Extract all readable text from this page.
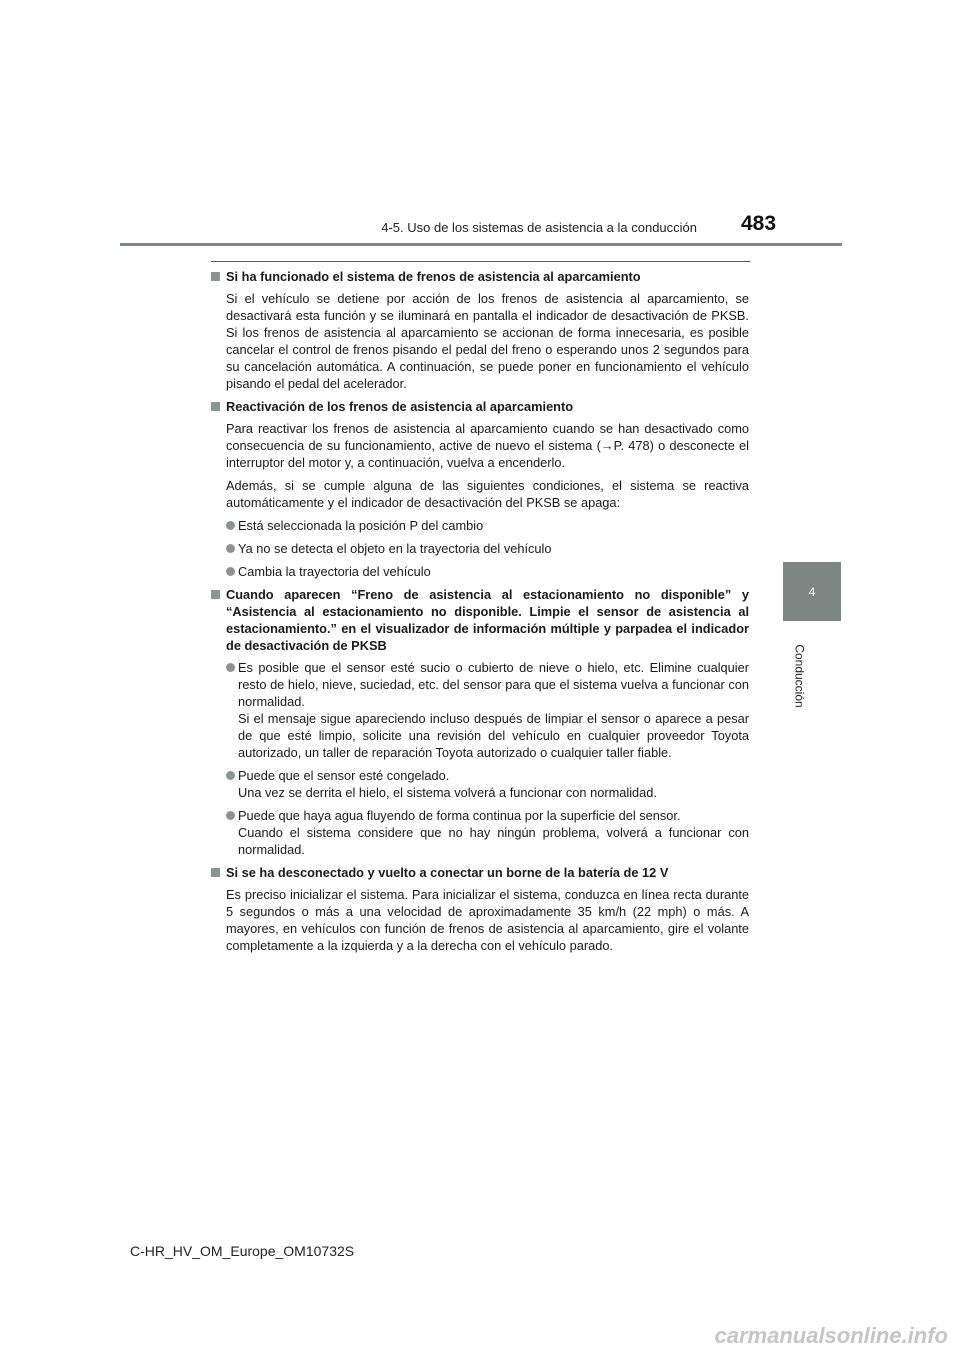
4-5. Uso de los sistemas de asistencia a la conducción 483
4
Conducción
Si ha funcionado el sistema de frenos de asistencia al aparcamiento
Si el vehículo se detiene por acción de los frenos de asistencia al aparcamiento, se desactivará esta función y se iluminará en pantalla el indicador de desactivación de PKSB. Si los frenos de asistencia al aparcamiento se accionan de forma innecesaria, es posible cancelar el control de frenos pisando el pedal del freno o esperando unos 2 segundos para su cancelación automática. A continuación, se puede poner en funcionamiento el vehículo pisando el pedal del acelerador.
Reactivación de los frenos de asistencia al aparcamiento
Para reactivar los frenos de asistencia al aparcamiento cuando se han desactivado como consecuencia de su funcionamiento, active de nuevo el sistema (→P. 478) o desconecte el interruptor del motor y, a continuación, vuelva a encenderlo.
Además, si se cumple alguna de las siguientes condiciones, el sistema se reactiva automáticamente y el indicador de desactivación del PKSB se apaga:
Está seleccionada la posición P del cambio
Ya no se detecta el objeto en la trayectoria del vehículo
Cambia la trayectoria del vehículo
Cuando aparecen “Freno de asistencia al estacionamiento no disponible” y “Asistencia al estacionamiento no disponible. Limpie el sensor de asistencia al estacionamiento.” en el visualizador de información múltiple y parpadea el indicador de desactivación de PKSB
Es posible que el sensor esté sucio o cubierto de nieve o hielo, etc. Elimine cualquier resto de hielo, nieve, suciedad, etc. del sensor para que el sistema vuelva a funcionar con normalidad.
Si el mensaje sigue apareciendo incluso después de limpiar el sensor o aparece a pesar de que esté limpio, solicite una revisión del vehículo en cualquier proveedor Toyota autorizado, un taller de reparación Toyota autorizado o cualquier taller fiable.
Puede que el sensor esté congelado.
Una vez se derrita el hielo, el sistema volverá a funcionar con normalidad.
Puede que haya agua fluyendo de forma continua por la superficie del sensor.
Cuando el sistema considere que no hay ningún problema, volverá a funcionar con normalidad.
Si se ha desconectado y vuelto a conectar un borne de la batería de 12 V
Es preciso inicializar el sistema. Para inicializar el sistema, conduzca en línea recta durante 5 segundos o más a una velocidad de aproximadamente 35 km/h (22 mph) o más. A mayores, en vehículos con función de frenos de asistencia al aparcamiento, gire el volante completamente a la izquierda y a la derecha con el vehículo parado.
C-HR_HV_OM_Europe_OM10732S
carmanualsonline.info
